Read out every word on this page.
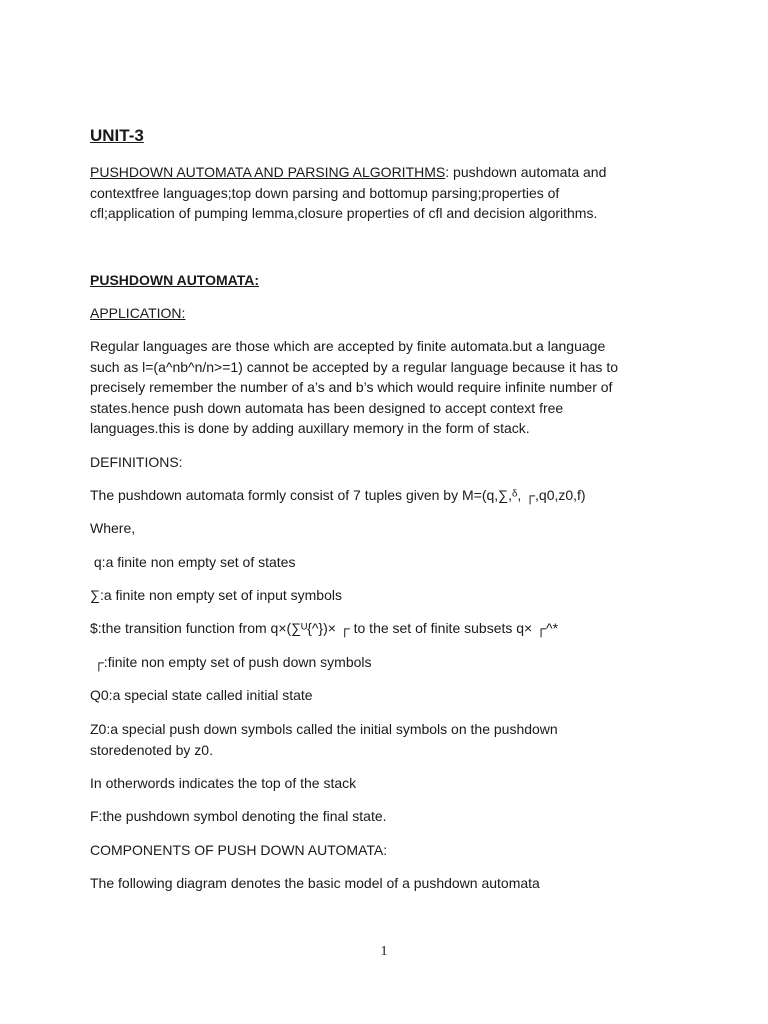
UNIT-3
PUSHDOWN AUTOMATA AND PARSING ALGORITHMS: pushdown automata and
contextfree languages;top down parsing and bottomup parsing;properties of
cfl;application of pumping lemma,closure properties of cfl and decision algorithms.
PUSHDOWN AUTOMATA:
APPLICATION:
Regular languages are those which are accepted by finite automata.but a language
such as l=(a^nb^n/n>=1) cannot be accepted by a regular language because it has to
precisely remember the number of a’s and b’s which would require infinite number of
states.hence push down automata has been designed to accept context free
languages.this is done by adding auxillary memory in the form of stack.
DEFINITIONS:
The pushdown automata formly consist of 7 tuples given by M=(q,∑,ᵟ, ┌,q0,z0,f)
Where,
q:a finite non empty set of states
∑:a finite non empty set of input symbols
$:the transition function from q×(∑ᵁ{^})× ┌ to the set of finite subsets q× ┌^*
┌:finite non empty set of push down symbols
Q0:a special state called initial state
Z0:a special push down symbols called the initial symbols on the pushdown
storedenoted by z0.
In otherwords indicates the top of the stack
F:the pushdown symbol denoting the final state.
COMPONENTS OF PUSH DOWN AUTOMATA:
The following diagram denotes the basic model of a pushdown automata
1
